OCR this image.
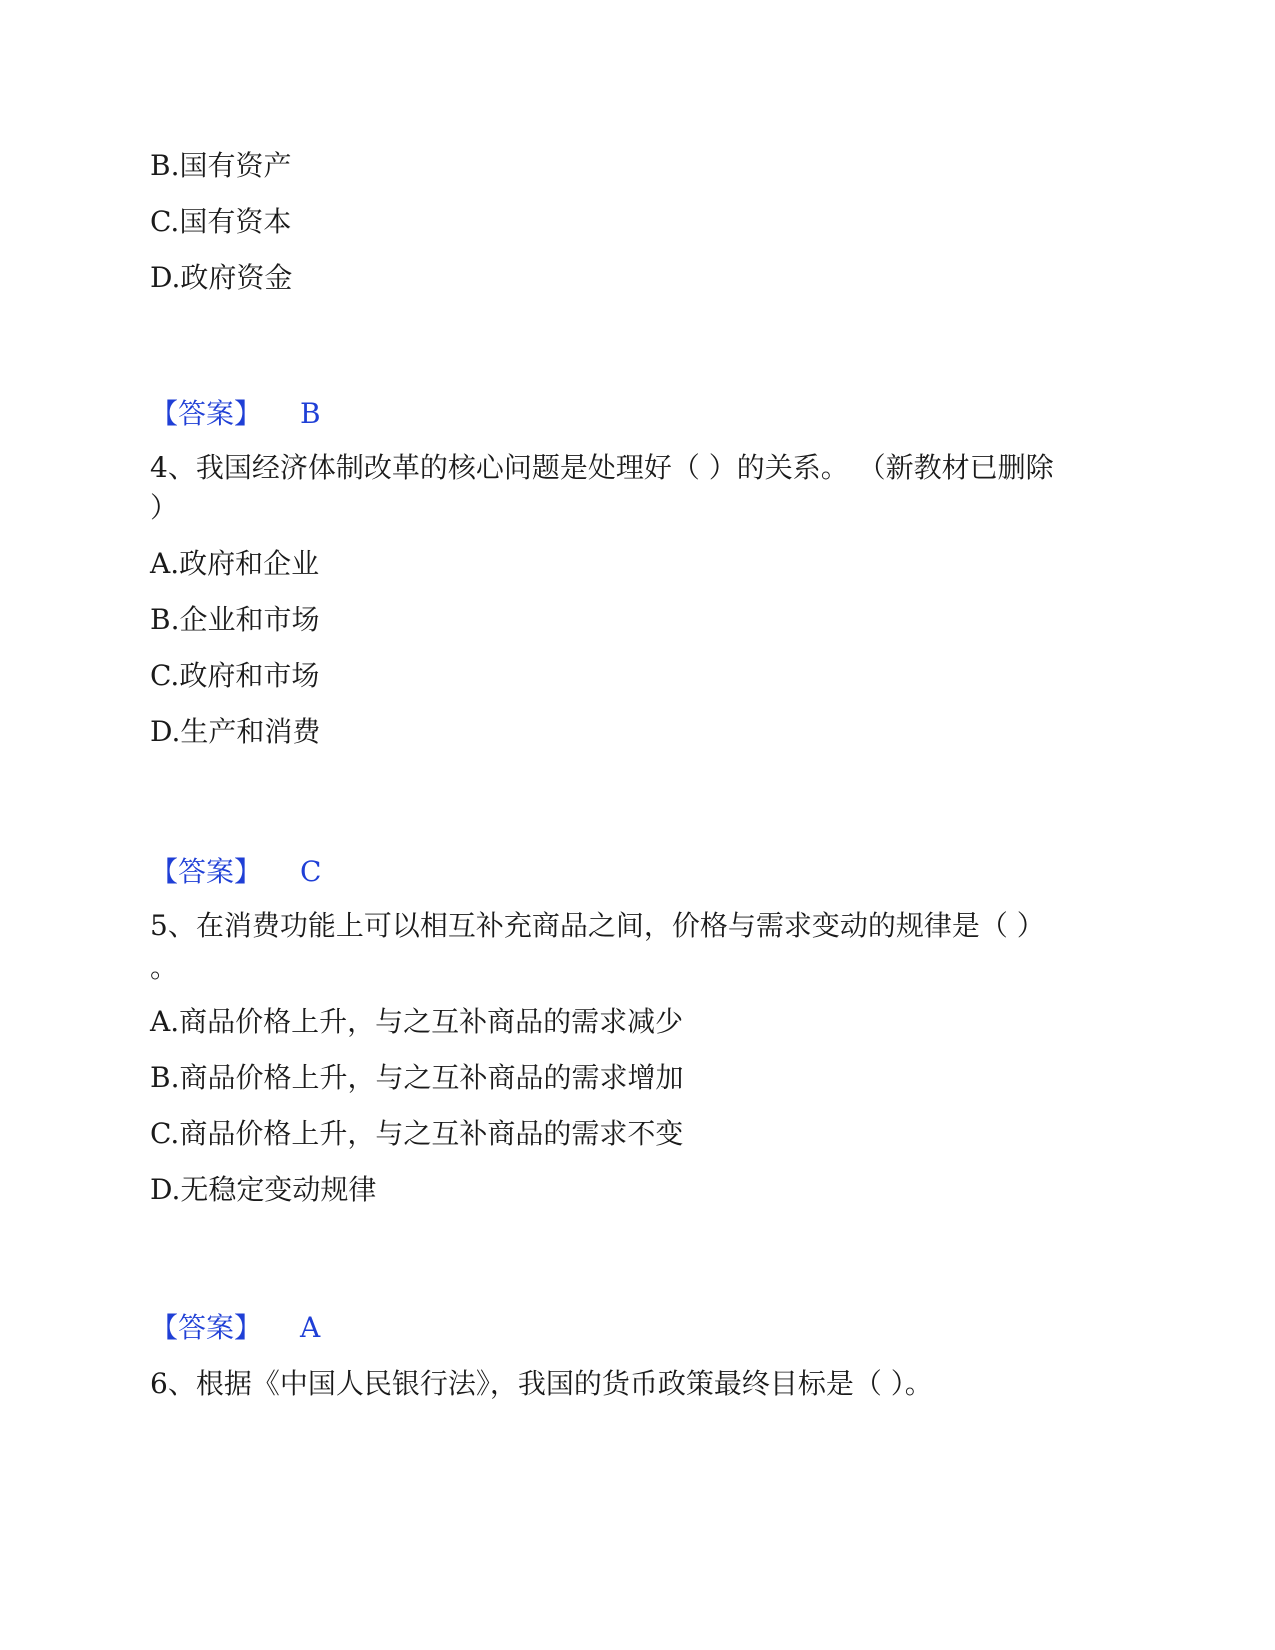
B.国有资产
C.国有资本
D.政府资金
【答案】 B
4、我国经济体制改革的核心问题是处理好（ ）的关系。 （新教材已删除
）
A.政府和企业
B.企业和市场
C.政府和市场
D.生产和消费
【答案】 C
5、在消费功能上可以相互补充商品之间，价格与需求变动的规律是（ ）
。
A.商品价格上升，与之互补商品的需求减少
B.商品价格上升，与之互补商品的需求增加
C.商品价格上升，与之互补商品的需求不变
D.无稳定变动规律
【答案】 A
6、根据《中国人民银行法》，我国的货币政策最终目标是（ ）。
